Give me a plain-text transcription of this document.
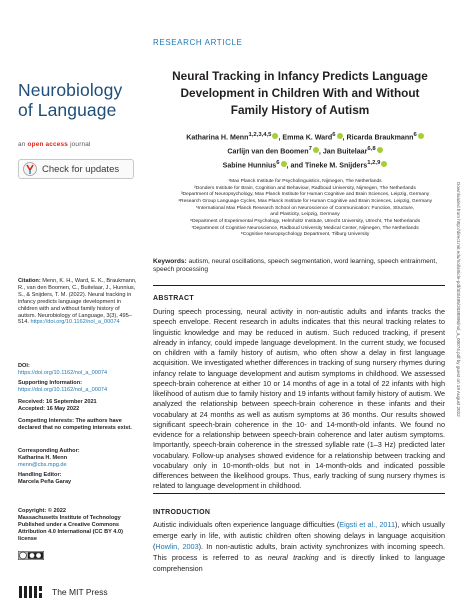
Neurobiology
of Language
an open access journal
Check for updates
Citation: Menn, K. H., Ward, E. K., Braukmann, R., van den Boomen, C., Buitelaar, J., Hunnius, S., & Snijders, T. M. (2022). Neural tracking in infancy predicts language development in children with and without family history of autism. Neurobiology of Language, 3(3), 495–514. https://doi.org/10.1162/nol_a_00074
DOI:
https://doi.org/10.1162/nol_a_00074
Supporting Information:
https://doi.org/10.1162/nol_a_00074
Received: 16 September 2021
Accepted: 16 May 2022
Competing Interests: The authors have declared that no competing interests exist.
Corresponding Author:
Katharina H. Menn
menn@cbs.mpg.de
Handling Editor:
Marcela Peña Garay
Copyright: © 2022
Massachusetts Institute of Technology Published under a Creative Commons Attribution 4.0 International (CC BY 4.0) license
The MIT Press
RESEARCH ARTICLE
Neural Tracking in Infancy Predicts Language
Development in Children With and Without
Family History of Autism
Katharina H. Menn$^{1,2,3,4,5}$ , Emma K. Ward$^6$ , Ricarda Braukmann$^6$
Carlijn van den Boomen$^7$ , Jan Buitelaar$^{6,8}$
Sabine Hunnius$^6$ , and Tineke M. Snijders$^{1,2,9}$
¹Max Planck Institute for Psycholinguistics, Nijmegen, The Netherlands
²Donders Institute for Brain, Cognition and Behaviour, Radboud University, Nijmegen, The Netherlands
³Department of Neuropsychology, Max Planck Institute for Human Cognitive and Brain Sciences, Leipzig, Germany
⁴Research Group Language Cycles, Max Planck Institute for Human Cognitive and Brain Sciences, Leipzig, Germany
⁵International Max Planck Research School on Neuroscience of Communication: Function, Structure,
and Plasticity, Leipzig, Germany
⁶Department of Experimental Psychology, Helmholtz Institute, Utrecht University, Utrecht, The Netherlands
⁷Department of Cognitive Neuroscience, Radboud University Medical Center, Nijmegen, The Netherlands
⁸Cognitive Neuropsychology Department, Tilburg University
Keywords: autism, neural oscillations, speech segmentation, word learning, speech entrainment, speech processing
ABSTRACT
During speech processing, neural activity in non-autistic adults and infants tracks the speech envelope. Recent research in adults indicates that this neural tracking relates to linguistic knowledge and may be reduced in autism. Such reduced tracking, if present already in infancy, could impede language development. In the current study, we focused on children with a family history of autism, who often show a delay in first language acquisition. We investigated whether differences in tracking of sung nursery rhymes during infancy relate to language development and autism symptoms in childhood. We assessed speech-brain coherence at either 10 or 14 months of age in a total of 22 infants with high likelihood of autism due to family history and 19 infants without family history of autism. We analyzed the relationship between speech-brain coherence in these infants and their vocabulary at 24 months as well as autism symptoms at 36 months. Our results showed significant speech-brain coherence in the 10- and 14-month-old infants. We found no evidence for a relationship between speech-brain coherence and later autism symptoms. Importantly, speech-brain coherence in the stressed syllable rate (1–3 Hz) predicted later vocabulary. Follow-up analyses showed evidence for a relationship between tracking and vocabulary only in 10-month-olds but not in 14-month-olds and indicated possible differences between the likelihood groups. Thus, early tracking of sung nursery rhymes is related to language development in childhood.
INTRODUCTION
Autistic individuals often experience language difficulties (Eigsti et al., 2011), which usually emerge early in life, with autistic children often showing delays in language acquisition (Howlin, 2003). In non-autistic adults, brain activity synchronizes with incoming speech. This process is referred to as neural tracking and is directly linked to language comprehension
Downloaded from http://direct.mit.edu/nol/article-pdf/3/3/495/2038996/nol_a_00074.pdf by guest on 19 August 2022
